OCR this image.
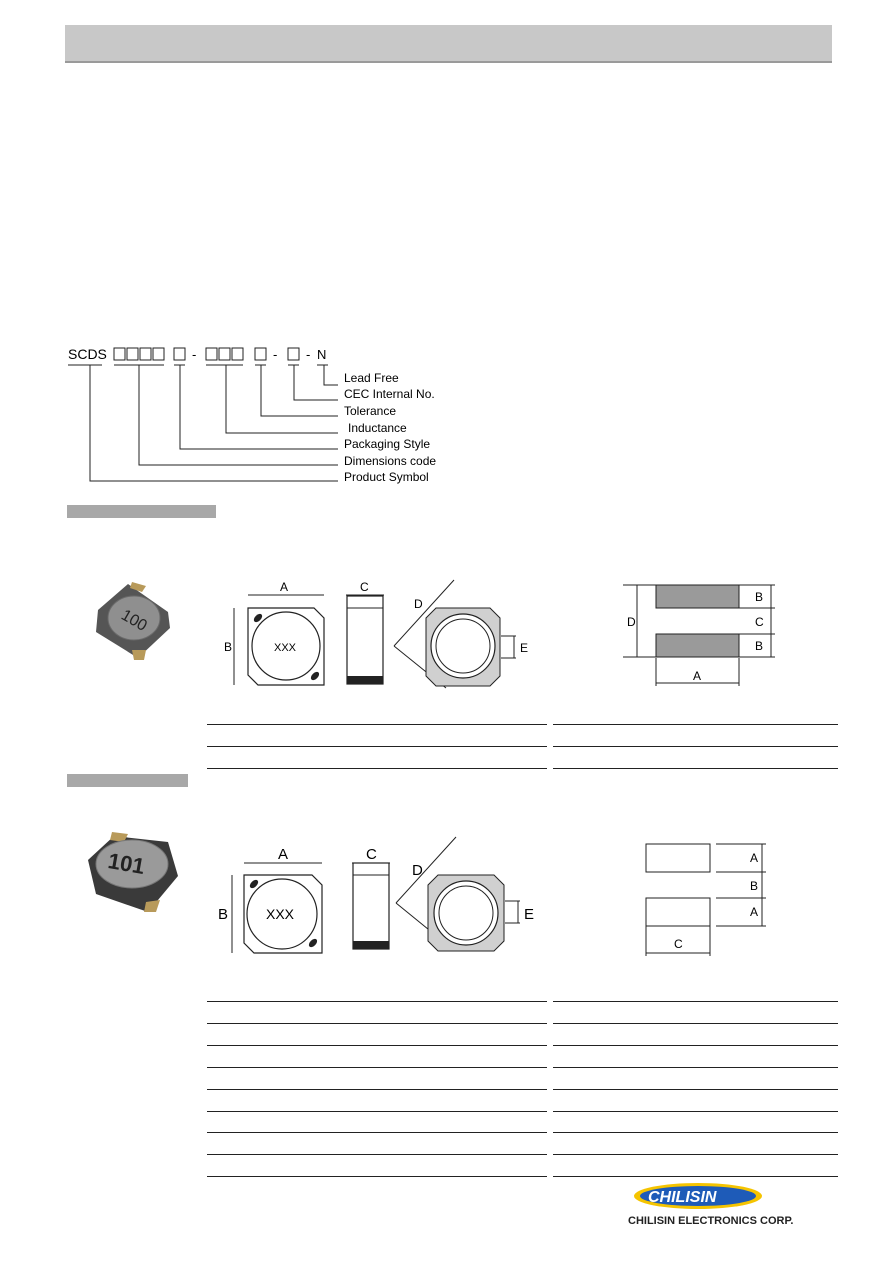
SCDS	-	- - N
Lead Free
CEC Internal No.
Tolerance
Inductance
Packaging Style
Dimensions code
Product Symbol
100
A
XXX
B
C
D
E
D
B
C
B
A
101	A
XXX
B
C
D
E
C
A
B
A
CHILISIN
CHILISIN ELECTRONICS CORP.
